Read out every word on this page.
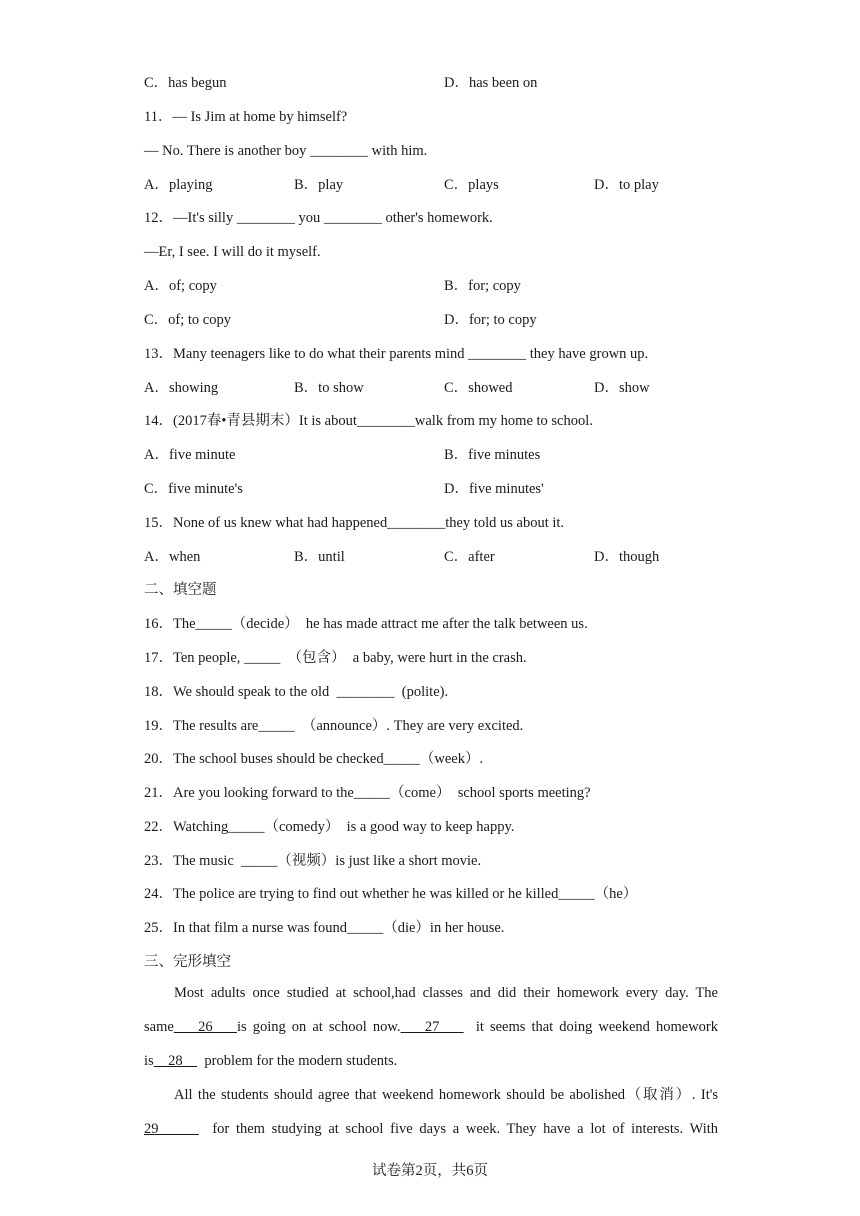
C．has begun	D．has been on
11．— Is Jim at home by himself?
— No. There is another boy ________ with him.
A．playing	B．play	C．plays	D．to play
12．—It's silly ________ you ________ other's homework.
—Er, I see. I will do it myself.
A．of; copy	B．for; copy
C．of; to copy	D．for; to copy
13．Many teenagers like to do what their parents mind ________ they have grown up.
A．showing	B．to show	C．showed	D．show
14．(2017春•青县期末）It is about________walk from my home to school.
A．five minute	B．five minutes
C．five minute's	D．five minutes'
15．None of us knew what had happened________they told us about it.
A．when	B．until	C．after	D．though
二、填空题
16．The_____（decide）  he has made attract me after the talk between us.
17．Ten people, _____  （包含）  a baby, were hurt in the crash.
18．We should speak to the old  ________  (polite).
19．The results are_____  （announce）. They are very excited.
20．The school buses should be checked_____（week）.
21．Are you looking forward to the_____（come）  school sports meeting?
22．Watching_____（comedy）  is a good way to keep happy.
23．The music  _____（视频）is just like a short movie.
24．The police are trying to find out whether he was killed or he killed_____（he）
25．In that film a nurse was found_____（die）in her house.
三、完形填空
Most adults once studied at school,had classes and did their homework every day. The
same    26    is going on at school now.    27      it seems that doing weekend homework
is    28      problem for the modern students.
All the students should agree that weekend homework should be abolished（取消）. It's
29        for them studying at school five days a week. They have a lot of interests. With
试卷第2页，共6页
